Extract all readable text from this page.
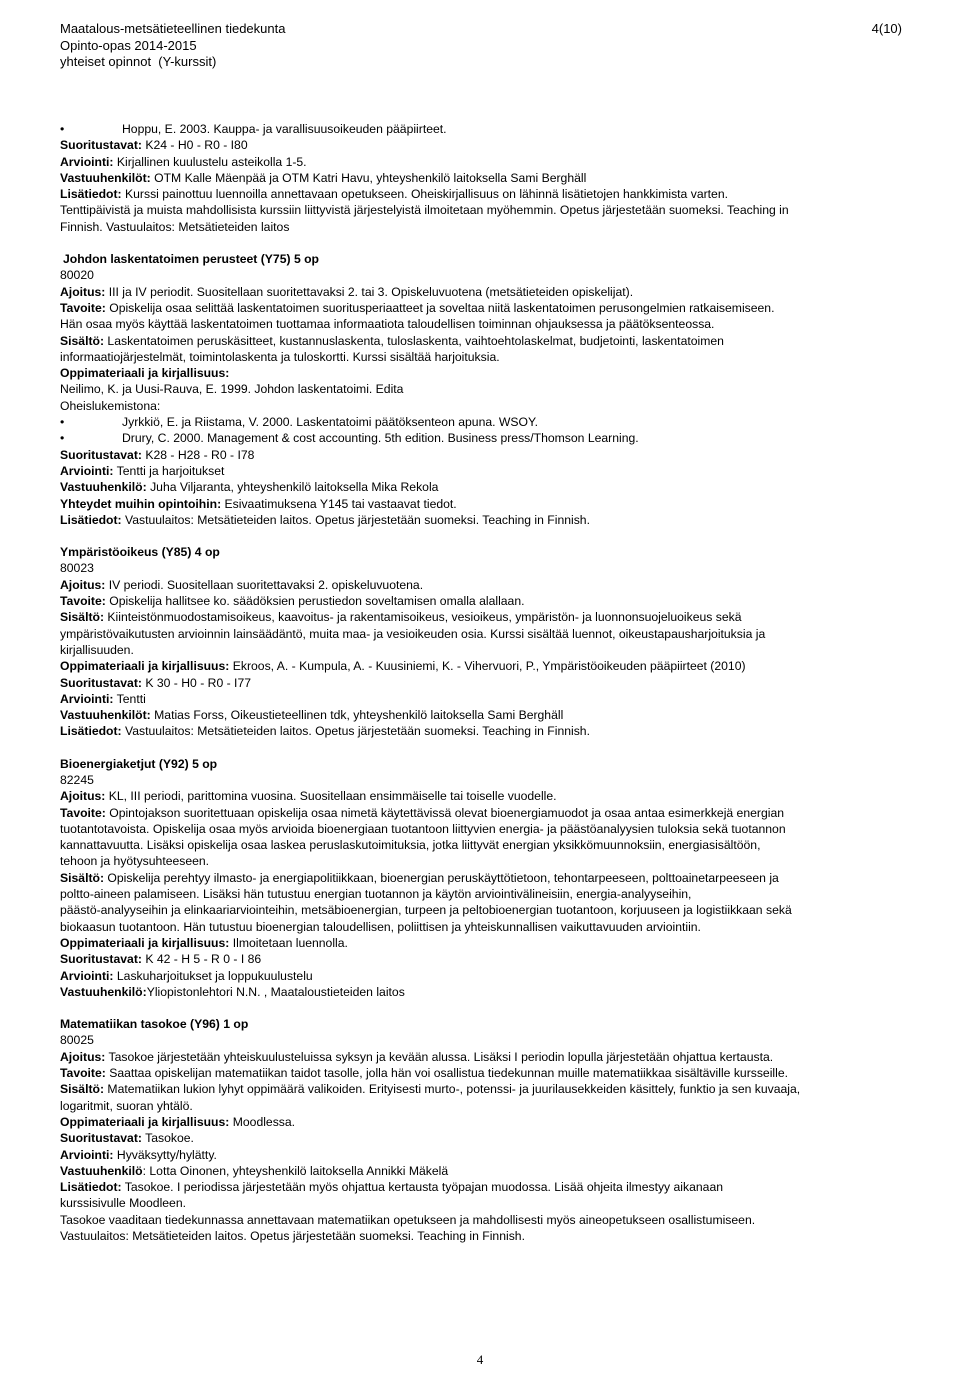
Maatalous-metsätieteellinen tiedekunta
Opinto-opas 2014-2015
yhteiset opinnot  (Y-kurssit)
4(10)
•	Hoppu, E. 2003. Kauppa- ja varallisuusoikeuden pääpiirteet.
Suoritustavat: K24 - H0 - R0 - I80
Arviointi: Kirjallinen kuulustelu asteikolla 1-5.
Vastuuhenkilöt: OTM Kalle Mäenpää ja OTM Katri Havu, yhteyshenkilö laitoksella Sami Berghäll
Lisätiedot: Kurssi painottuu luennoilla annettavaan opetukseen. Oheiskirjallisuus on lähinnä lisätietojen hankkimista varten.
Tenttipäivistä ja muista mahdollisista kurssiin liittyvistä järjestelyistä ilmoitetaan myöhemmin. Opetus järjestetään suomeksi. Teaching in
Finnish. Vastuulaitos: Metsätieteiden laitos
Johdon laskentatoimen perusteet (Y75) 5 op
80020
Ajoitus: III ja IV periodit. Suositellaan suoritettavaksi 2. tai 3. Opiskeluvuotena (metsätieteiden opiskelijat).
Tavoite: Opiskelija osaa selittää laskentatoimen suoritusperiaatteet ja soveltaa niitä laskentatoimen perusongelmien ratkaisemiseen.
Hän osaa myös käyttää laskentatoimen tuottamaa informaatiota taloudellisen toiminnan ohjauksessa ja päätöksenteossa.
Sisältö: Laskentatoimen peruskäsitteet, kustannuslaskenta, tuloslaskenta, vaihtoehtolaskelmat, budjetointi, laskentatoimen
informaatiojärjestelmät, toimintolaskenta ja tuloskortti. Kurssi sisältää harjoituksia.
Oppimateriaali ja kirjallisuus:
Neilimo, K. ja Uusi-Rauva, E. 1999. Johdon laskentatoimi. Edita
Oheislukemistona:
•	Jyrkkiö, E. ja Riistama, V. 2000. Laskentatoimi päätöksenteon apuna. WSOY.
•	Drury, C. 2000. Management & cost accounting. 5th edition. Business press/Thomson Learning.
Suoritustavat: K28 - H28 - R0 - I78
Arviointi: Tentti ja harjoitukset
Vastuuhenkilö: Juha Viljaranta, yhteyshenkilö laitoksella Mika Rekola
Yhteydet muihin opintoihin: Esivaatimuksena Y145 tai vastaavat tiedot.
Lisätiedot: Vastuulaitos: Metsätieteiden laitos. Opetus järjestetään suomeksi. Teaching in Finnish.
Ympäristöoikeus (Y85) 4 op
80023
Ajoitus: IV periodi. Suositellaan suoritettavaksi 2. opiskeluvuotena.
Tavoite: Opiskelija hallitsee ko. säädöksien perustiedon soveltamisen omalla alallaan.
Sisältö: Kiinteistönmuodostamisoikeus, kaavoitus- ja rakentamisoikeus, vesioikeus, ympäristön- ja luonnonsuojeluoikeus sekä
ympäristövaikutusten arvioinnin lainsäädäntö, muita maa- ja vesioikeuden osia. Kurssi sisältää luennot, oikeustapausharjoituksia ja
kirjallisuuden.
Oppimateriaali ja kirjallisuus: Ekroos, A. - Kumpula, A. - Kuusiniemi, K. - Vihervuori, P., Ympäristöoikeuden pääpiirteet (2010)
Suoritustavat: K 30 - H0 - R0 - I77
Arviointi: Tentti
Vastuuhenkilöt: Matias Forss, Oikeustieteellinen tdk, yhteyshenkilö laitoksella Sami Berghäll
Lisätiedot: Vastuulaitos: Metsätieteiden laitos. Opetus järjestetään suomeksi. Teaching in Finnish.
Bioenergiaketjut (Y92) 5 op
82245
Ajoitus: KL, III periodi, parittomina vuosina. Suositellaan ensimmäiselle tai toiselle vuodelle.
Tavoite: Opintojakson suoritettuaan opiskelija osaa nimetä käytettävissä olevat bioenergiamuodot ja osaa antaa esimerkkejä energian
tuotantotavoista. Opiskelija osaa myös arvioida bioenergiaan tuotantoon liittyvien energia- ja päästöanalyysien tuloksia sekä tuotannon
kannattavuutta. Lisäksi opiskelija osaa laskea peruslaskutoimituksia, jotka liittyvät energian yksikkömuunnoksiin, energiasisältöön,
tehoon ja hyötysuhteeseen.
Sisältö: Opiskelija perehtyy ilmasto- ja energiapolitiikkaan, bioenergian peruskäyttötietoon, tehontarpeeseen, polttoainetarpeeseen ja
poltto-aineen palamiseen. Lisäksi hän tutustuu energian tuotannon ja käytön arviointivälineisiin, energia-analyyseihin,
päästö-analyyseihin ja elinkaariarviointeihin, metsäbioenergian, turpeen ja peltobioenergian tuotantoon, korjuuseen ja logistiikkaan sekä
biokaasun tuotantoon. Hän tutustuu bioenergian taloudellisen, poliittisen ja yhteiskunnallisen vaikuttavuuden arviointiin.
Oppimateriaali ja kirjallisuus: Ilmoitetaan luennolla.
Suoritustavat: K 42 - H 5 - R 0 - I 86
Arviointi: Laskuharjoitukset ja loppukuulustelu
Vastuuhenkilö:Yliopistonlehtori N.N. , Maataloustieteiden laitos
Matematiikan tasokoe (Y96) 1 op
80025
Ajoitus: Tasokoe järjestetään yhteiskuulusteluissa syksyn ja kevään alussa. Lisäksi I periodin lopulla järjestetään ohjattua kertausta.
Tavoite: Saattaa opiskelijan matematiikan taidot tasolle, jolla hän voi osallistua tiedekunnan muille matematiikkaa sisältäville kursseille.
Sisältö: Matematiikan lukion lyhyt oppimäärä valikoiden. Erityisesti murto-, potenssi- ja juurilausekkeiden käsittely, funktio ja sen kuvaaja,
logaritmit, suoran yhtälö.
Oppimateriaali ja kirjallisuus: Moodlessa.
Suoritustavat: Tasokoe.
Arviointi: Hyväksytty/hylätty.
Vastuuhenkilö: Lotta Oinonen, yhteyshenkilö laitoksella Annikki Mäkelä
Lisätiedot: Tasokoe. I periodissa järjestetään myös ohjattua kertausta työpajan muodossa. Lisää ohjeita ilmestyy aikanaan
kurssisivulle Moodleen.
Tasokoe vaaditaan tiedekunnassa annettavaan matematiikan opetukseen ja mahdollisesti myös aineopetukseen osallistumiseen.
Vastuulaitos: Metsätieteiden laitos. Opetus järjestetään suomeksi. Teaching in Finnish.
4
